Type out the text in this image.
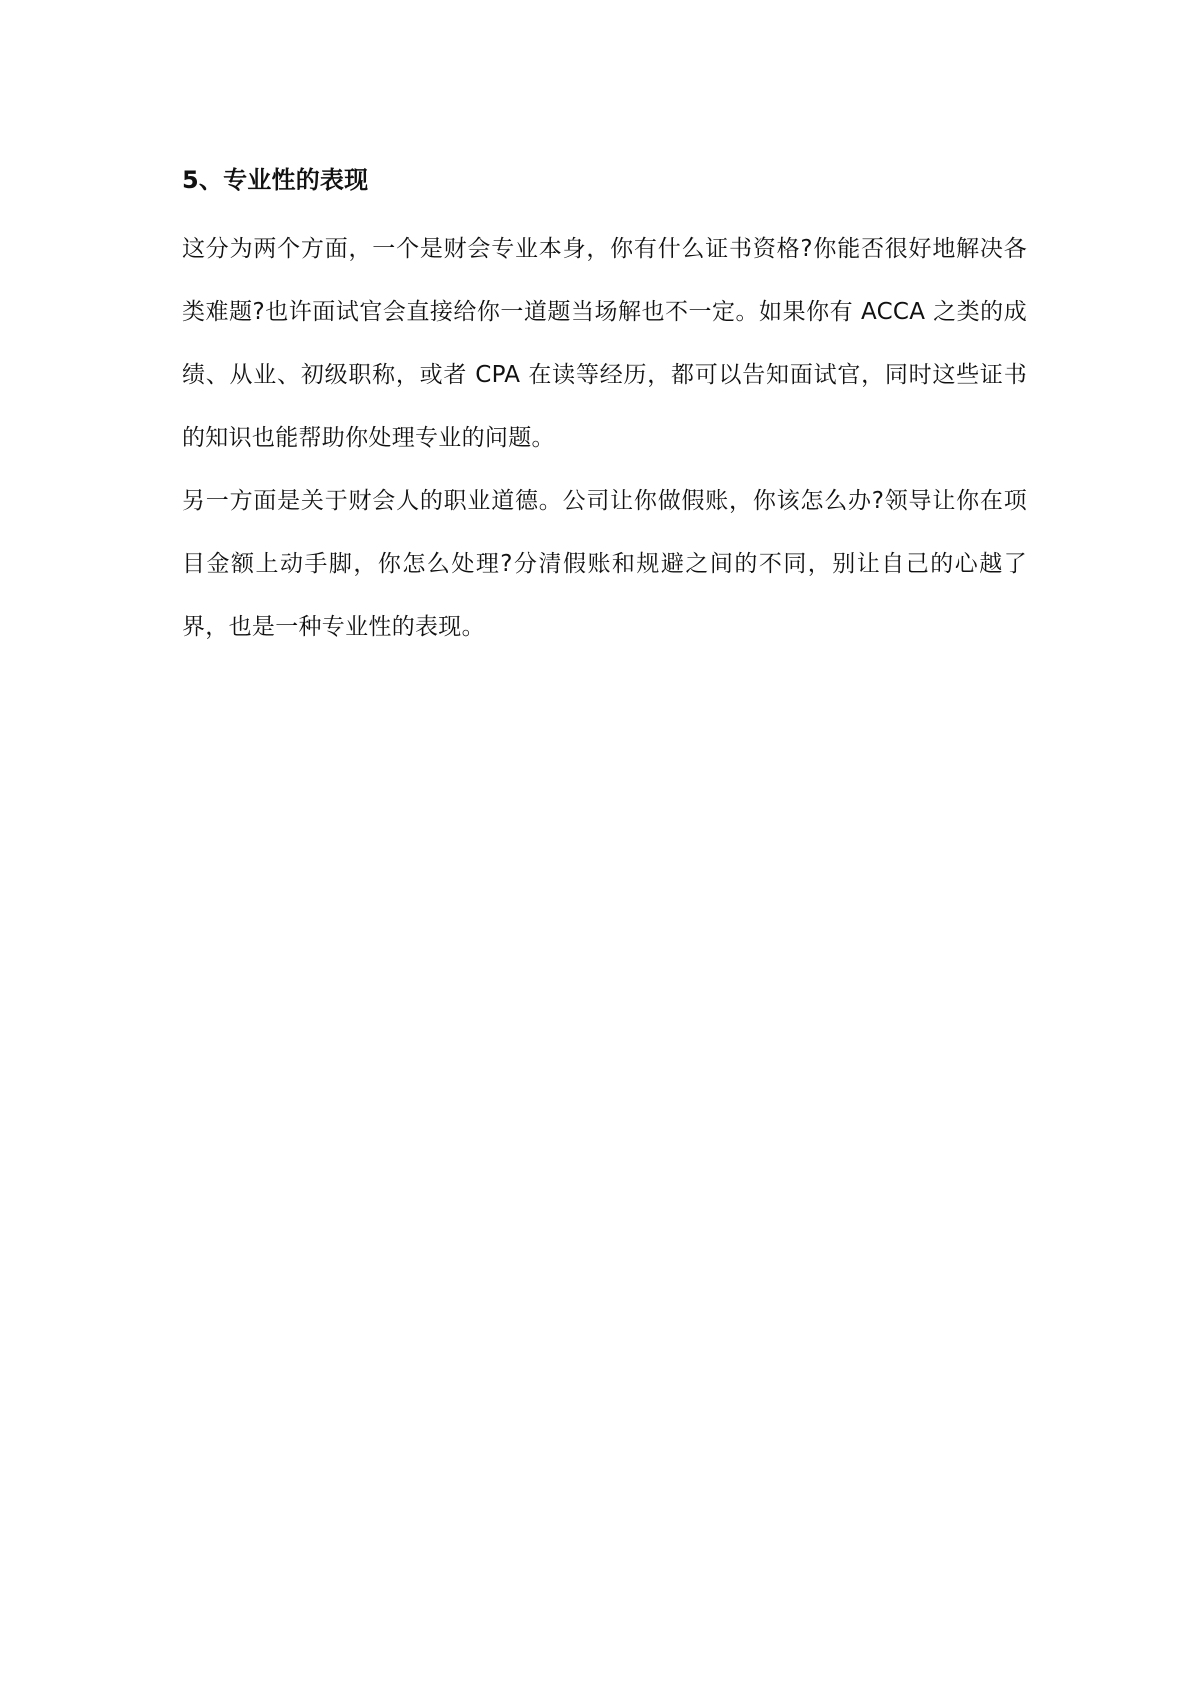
5、专业性的表现

这分为两个方面，一个是财会专业本身，你有什么证书资格?你能否很好地解决各类难题?也许面试官会直接给你一道题当场解也不一定。如果你有 ACCA 之类的成绩、从业、初级职称，或者 CPA 在读等经历，都可以告知面试官，同时这些证书的知识也能帮助你处理专业的问题。

另一方面是关于财会人的职业道德。公司让你做假账，你该怎么办?领导让你在项目金额上动手脚，你怎么处理?分清假账和规避之间的不同，别让自己的心越了界，也是一种专业性的表现。
